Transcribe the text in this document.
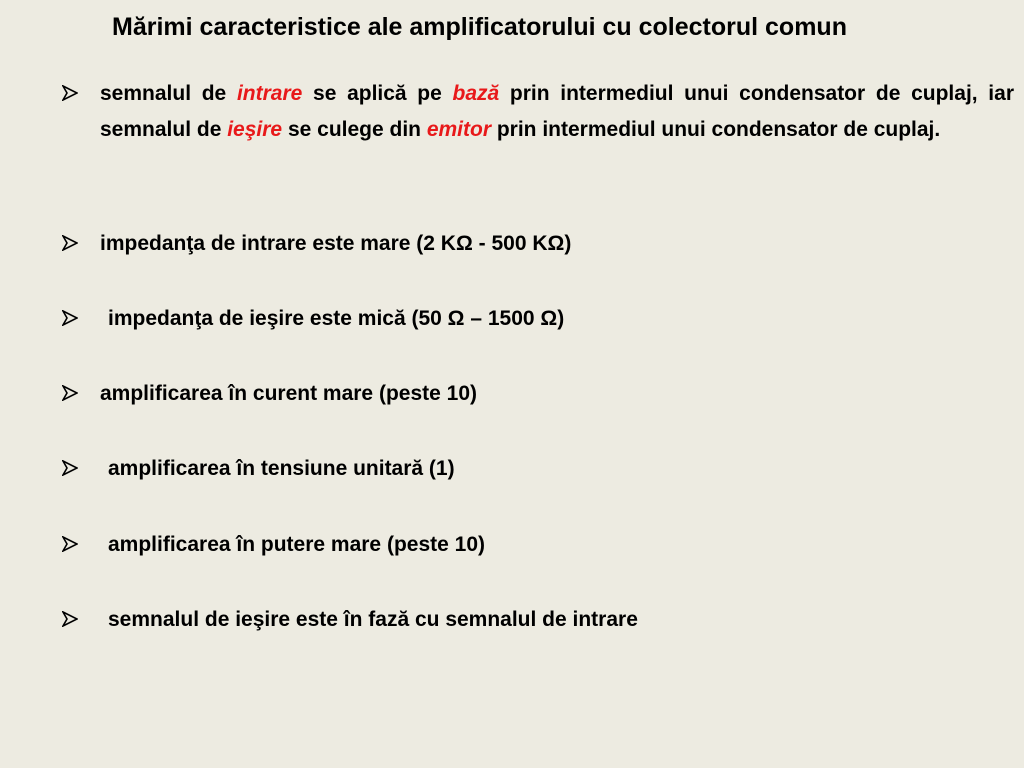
Mărimi caracteristice ale amplificatorului cu colectorul comun
semnalul de intrare se aplică pe bază prin intermediul unui condensator de cuplaj, iar semnalul de ieşire se culege din emitor prin intermediul unui condensator de cuplaj.
impedanţa de intrare este mare (2 KΩ - 500 KΩ)
impedanţa de ieşire este mică (50 Ω – 1500 Ω)
amplificarea în curent mare (peste 10)
amplificarea în tensiune unitară (1)
amplificarea în putere mare (peste 10)
semnalul de ieşire este în fază cu semnalul de intrare
